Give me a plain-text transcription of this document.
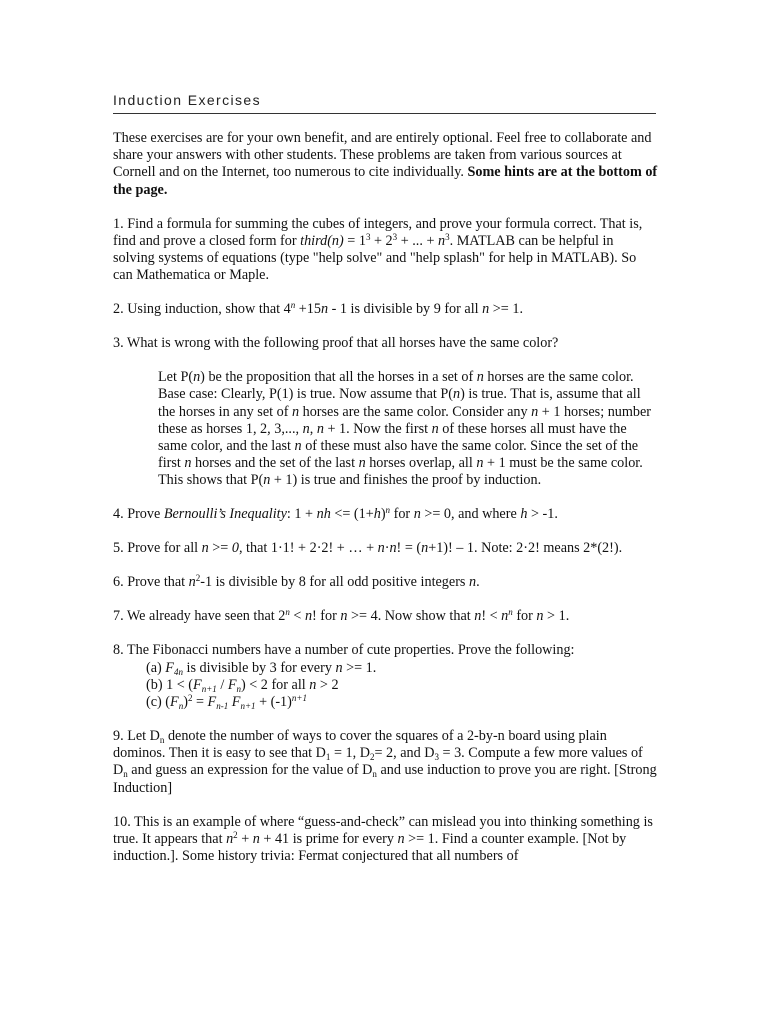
Induction Exercises

These exercises are for your own benefit, and are entirely optional. Feel free to collaborate and share your answers with other students. These problems are taken from various sources at Cornell and on the Internet, too numerous to cite individually. Some hints are at the bottom of the page.

1. Find a formula for summing the cubes of integers, and prove your formula correct. That is, find and prove a closed form for third(n) = $1^3 + 2^3$ + ... + $n^3$. MATLAB can be helpful in solving systems of equations (type "help solve" and "help splash" for help in MATLAB). So can Mathematica or Maple.

2. Using induction, show that $4^n +15n - 1$ is divisible by 9 for all n >= 1.

3. What is wrong with the following proof that all horses have the same color?

Let P(n) be the proposition that all the horses in a set of n horses are the same color. Base case: Clearly, P(1) is true. Now assume that P(n) is true. That is, assume that all the horses in any set of n horses are the same color. Consider any n + 1 horses; number these as horses 1, 2, 3,..., n, n + 1. Now the first n of these horses all must have the same color, and the last n of these must also have the same color. Since the set of the first n horses and the set of the last n horses overlap, all n + 1 must be the same color. This shows that P(n + 1) is true and finishes the proof by induction.

4. Prove Bernoulli’s Inequality: 1 + nh <= $(1+h)^n$ for n >= 0, and where h > -1.

5. Prove for all n >= 0, that 1·1! + 2·2! + … + n·n! = (n+1)! – 1. Note: 2·2! means 2*(2!).

6. Prove that $n^2-1$ is divisible by 8 for all odd positive integers n.

7. We already have seen that $2^n < n$! for n >= 4. Now show that n! < $n^n$ for n > 1.

8. The Fibonacci numbers have a number of cute properties. Prove the following:
(a) $F_{4n}$ is divisible by 3 for every n >= 1.
(b) $1 < (F_{n+1} / F_n) < 2$ for all n > 2
(c) $(F_n)^2 = F_{n-1}$ $F_{n+1} + (-1)^{n+1}$

9. Let $D_n$ denote the number of ways to cover the squares of a 2-by-n board using plain dominos. Then it is easy to see that $D_1 = 1$, $D_2= 2$, and $D_3 = 3$. Compute a few more values of $D_n$ and guess an expression for the value of $D_n$ and use induction to prove you are right. [Strong Induction]

10. This is an example of where “guess-and-check” can mislead you into thinking something is true. It appears that $n^2 + n + 41$ is prime for every n >= 1. Find a counter example. [Not by induction.]. Some history trivia: Fermat conjectured that all numbers of
